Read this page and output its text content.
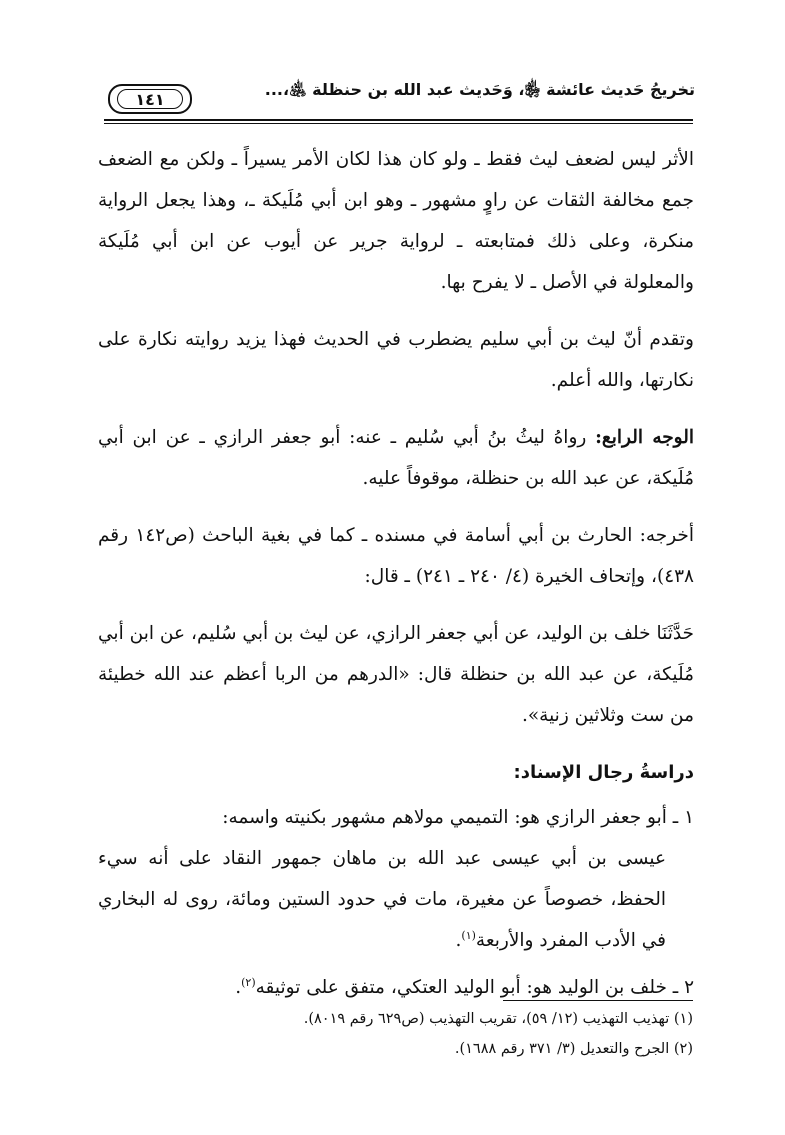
تخريجُ حَديث عائشة ﵂، وَحَديث عبد الله بن حنظلة ﵁،...
١٤١

الأثر ليس لضعف ليث فقط ـ ولو كان هذا لكان الأمر يسيراً ـ ولكن مع الضعف جمع مخالفة الثقات عن راوٍ مشهور ـ وهو ابن أبي مُلَيكة ـ، وهذا يجعل الرواية منكرة، وعلى ذلك فمتابعته ـ لرواية جرير عن أيوب عن ابن أبي مُلَيكة والمعلولة في الأصل ـ لا يفرح بها.

وتقدم أنّ ليث بن أبي سليم يضطرب في الحديث فهذا يزيد روايته نكارة على نكارتها، والله أعلم.

الوجه الرابع: رواهُ ليثُ بنُ أبي سُليم ـ عنه: أبو جعفر الرازي ـ عن ابن أبي مُلَيكة، عن عبد الله بن حنظلة، موقوفاً عليه.

أخرجه: الحارث بن أبي أسامة في مسنده ـ كما في بغية الباحث (ص١٤٢ رقم ٤٣٨)، وإتحاف الخيرة (٤/ ٢٤٠ ـ ٢٤١) ـ قال:

حَدَّثَنَا خلف بن الوليد، عن أبي جعفر الرازي، عن ليث بن أبي سُليم، عن ابن أبي مُلَيكة، عن عبد الله بن حنظلة قال: «الدرهم من الربا أعظم عند الله خطيئة من ست وثلاثين زنية».

دراسةُ رجال الإسناد:

١ ـ أبو جعفر الرازي هو: التميمي مولاهم مشهور بكنيته واسمه:

عيسى بن أبي عيسى عبد الله بن ماهان جمهور النقاد على أنه سيء الحفظ، خصوصاً عن مغيرة، مات في حدود الستين ومائة، روى له البخاري في الأدب المفرد والأربعة$^{(١)}$.

٢ ـ خلف بن الوليد هو: أبو الوليد العتكي، متفق على توثيقه$^{(٢)}$.

(١) تهذيب التهذيب (١٢/ ٥٩)، تقريب التهذيب (ص٦٢٩ رقم ٨٠١٩).

(٢) الجرح والتعديل (٣/ ٣٧١ رقم ١٦٨٨).
